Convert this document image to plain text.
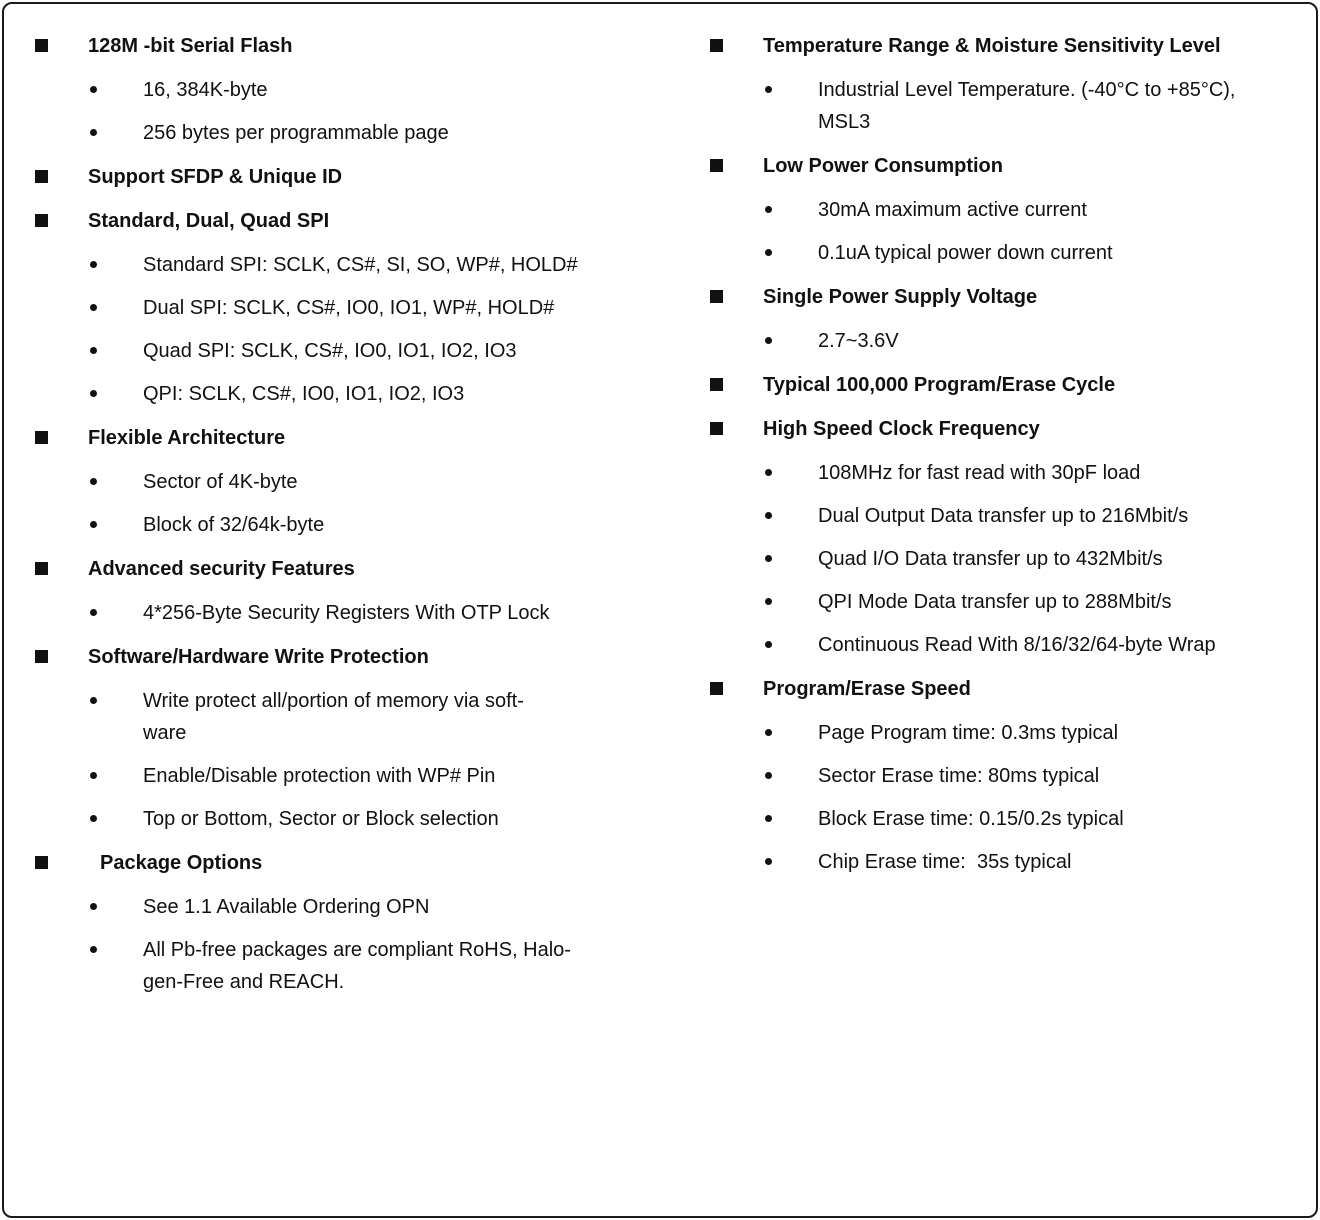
128M -bit Serial Flash
16, 384K-byte
256 bytes per programmable page
Support SFDP & Unique ID
Standard, Dual, Quad SPI
Standard SPI: SCLK, CS#, SI, SO, WP#, HOLD#
Dual SPI: SCLK, CS#, IO0, IO1, WP#, HOLD#
Quad SPI: SCLK, CS#, IO0, IO1, IO2, IO3
QPI: SCLK, CS#, IO0, IO1, IO2, IO3
Flexible Architecture
Sector of 4K-byte
Block of 32/64k-byte
Advanced security Features
4*256-Byte Security Registers With OTP Lock
Software/Hardware Write Protection
Write protect all/portion of memory via soft-
ware
Enable/Disable protection with WP# Pin
Top or Bottom, Sector or Block selection
Package Options
See 1.1 Available Ordering OPN
All Pb-free packages are compliant RoHS, Halo-
gen-Free and REACH.
Temperature Range & Moisture Sensitivity Level
Industrial Level Temperature. (-40°C to +85°C),
MSL3
Low Power Consumption
30mA maximum active current
0.1uA typical power down current
Single Power Supply Voltage
2.7~3.6V
Typical 100,000 Program/Erase Cycle
High Speed Clock Frequency
108MHz for fast read with 30pF load
Dual Output Data transfer up to 216Mbit/s
Quad I/O Data transfer up to 432Mbit/s
QPI Mode Data transfer up to 288Mbit/s
Continuous Read With 8/16/32/64-byte Wrap
Program/Erase Speed
Page Program time: 0.3ms typical
Sector Erase time: 80ms typical
Block Erase time: 0.15/0.2s typical
Chip Erase time:  35s typical
